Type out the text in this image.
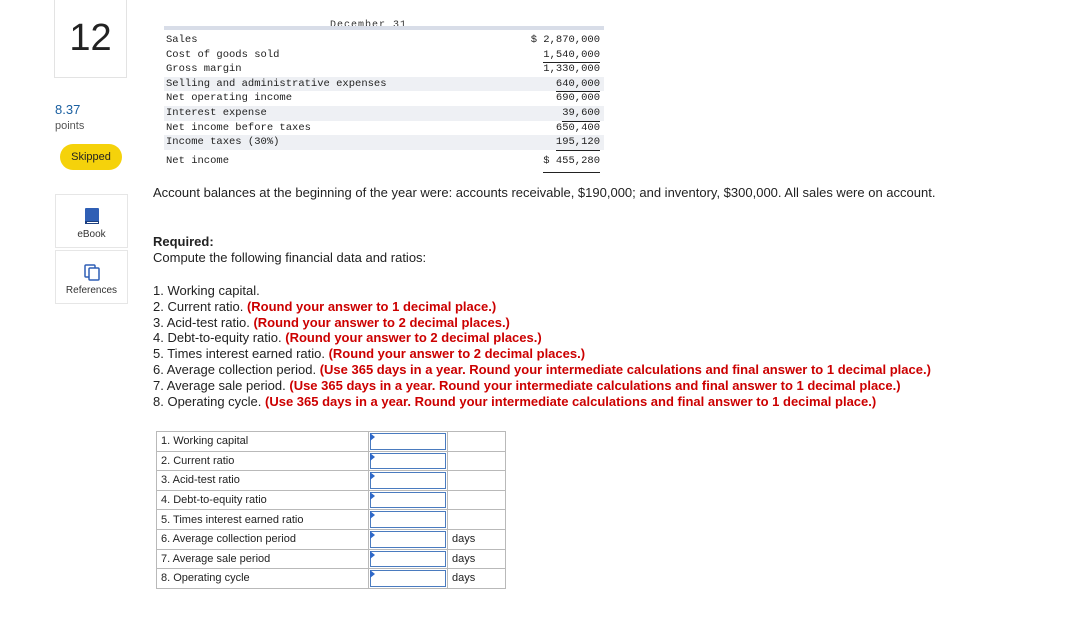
12
8.37
points
Skipped
eBook
References
Sales	$ 2,870,000
Cost of goods sold	1,540,000
Gross margin	1,330,000
Selling and administrative expenses	640,000
Net operating income	690,000
Interest expense	39,600
Net income before taxes	650,400
Income taxes (30%)	195,120
Net income	$ 455,280
Account balances at the beginning of the year were: accounts receivable, $190,000; and inventory, $300,000. All sales were on account.
Required:
Compute the following financial data and ratios:
1. Working capital.
2. Current ratio. (Round your answer to 1 decimal place.)
3. Acid-test ratio. (Round your answer to 2 decimal places.)
4. Debt-to-equity ratio. (Round your answer to 2 decimal places.)
5. Times interest earned ratio. (Round your answer to 2 decimal places.)
6. Average collection period. (Use 365 days in a year. Round your intermediate calculations and final answer to 1 decimal place.)
7. Average sale period. (Use 365 days in a year. Round your intermediate calculations and final answer to 1 decimal place.)
8. Operating cycle. (Use 365 days in a year. Round your intermediate calculations and final answer to 1 decimal place.)
1. Working capital	

2. Current ratio	

3. Acid-test ratio	

4. Debt-to-equity ratio	

5. Times interest earned ratio	

6. Average collection period		days
7. Average sale period		days
8. Operating cycle		days
